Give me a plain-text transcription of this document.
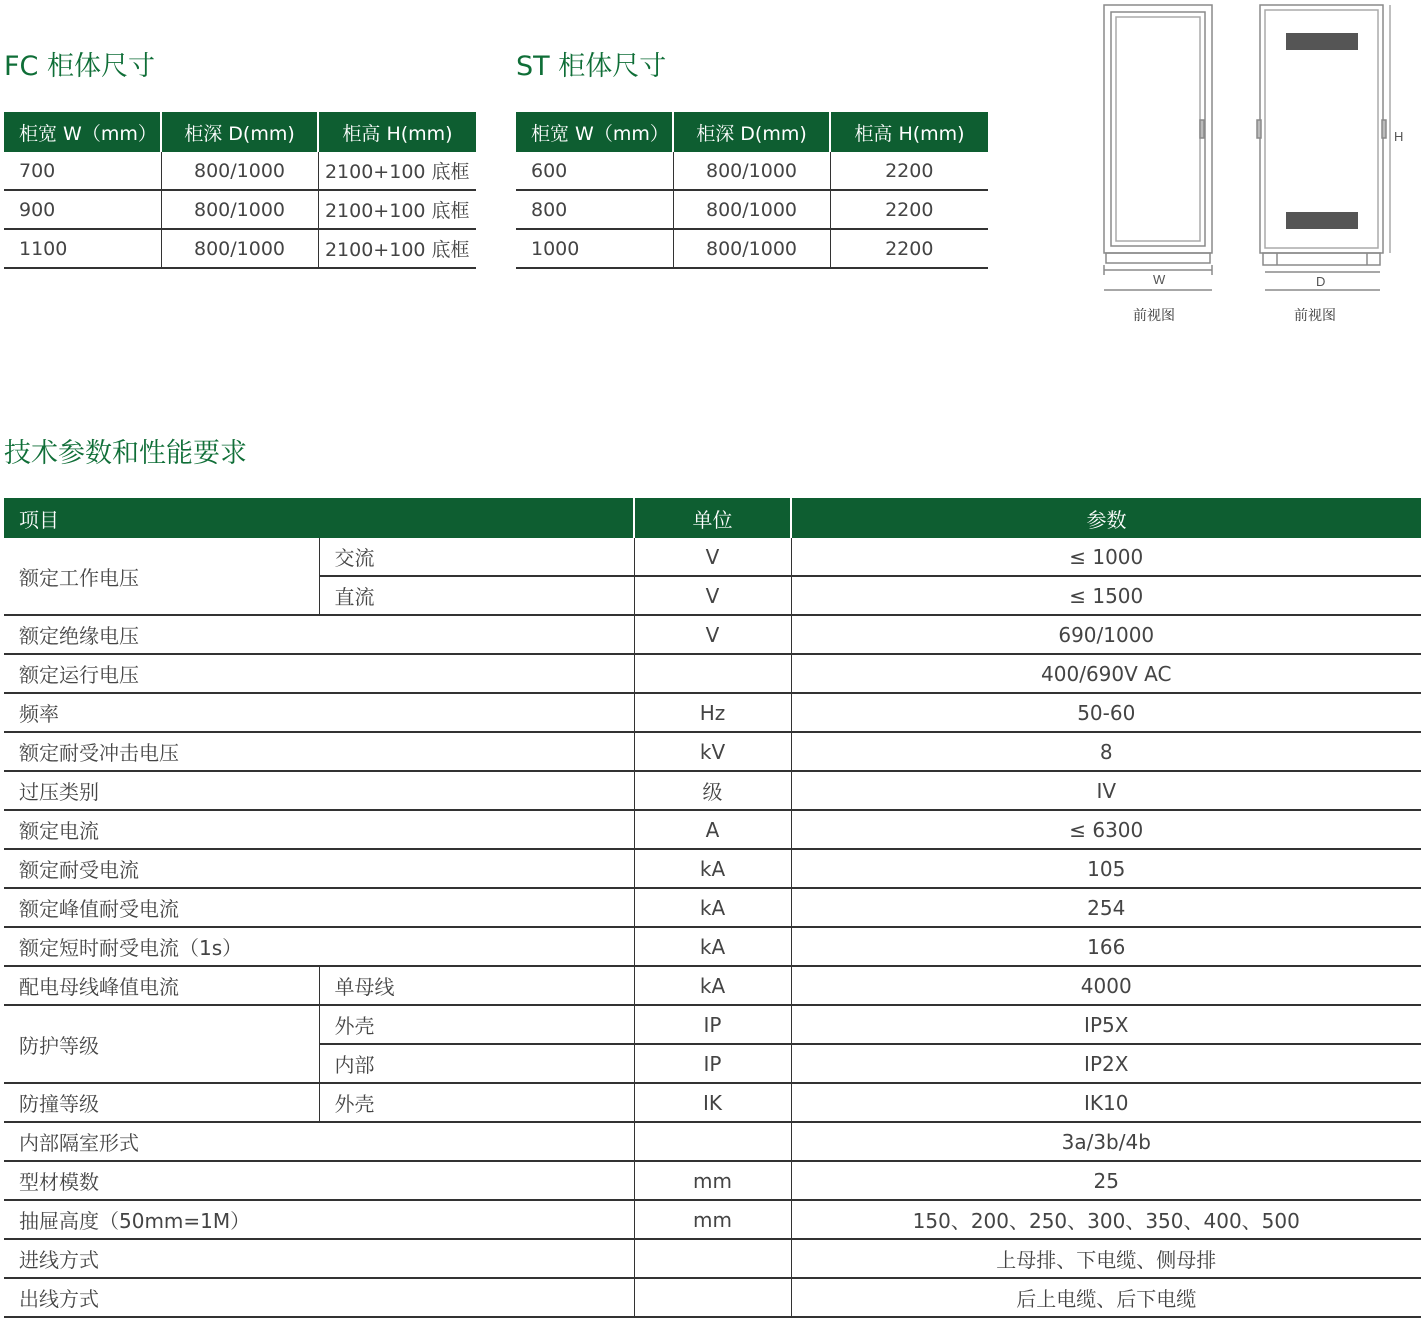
FC 柜体尺寸
柜宽 W（mm）	柜深 D(mm)	柜高 H(mm)
700	800/1000	2100+100 底框
900	800/1000	2100+100 底框
1100	800/1000	2100+100 底框
ST 柜体尺寸
柜宽 W（mm）	柜深 D(mm)	柜高 H(mm)
600	800/1000	2200
800	800/1000	2200
1000	800/1000	2200
W	D
H
前视图	前视图
技术参数和性能要求
项目		单位	参数
额定工作电压	交流	V	≤ 1000
	直流	V	≤ 1500
额定绝缘电压		V	690/1000
额定运行电压			400/690V AC
频率		Hz	50-60
额定耐受冲击电压		kV	8
过压类别		级	IV
额定电流		A	≤ 6300
额定耐受电流		kA	105
额定峰值耐受电流		kA	254
额定短时耐受电流（1s）		kA	166
配电母线峰值电流	单母线	kA	4000
防护等级	外壳	IP	IP5X
	内部	IP	IP2X
防撞等级	外壳	IK	IK10
内部隔室形式			3a/3b/4b
型材模数		mm	25
抽屉高度（50mm=1M）		mm	150、200、250、300、350、400、500
进线方式			上母排、下电缆、侧母排
出线方式			后上电缆、后下电缆
